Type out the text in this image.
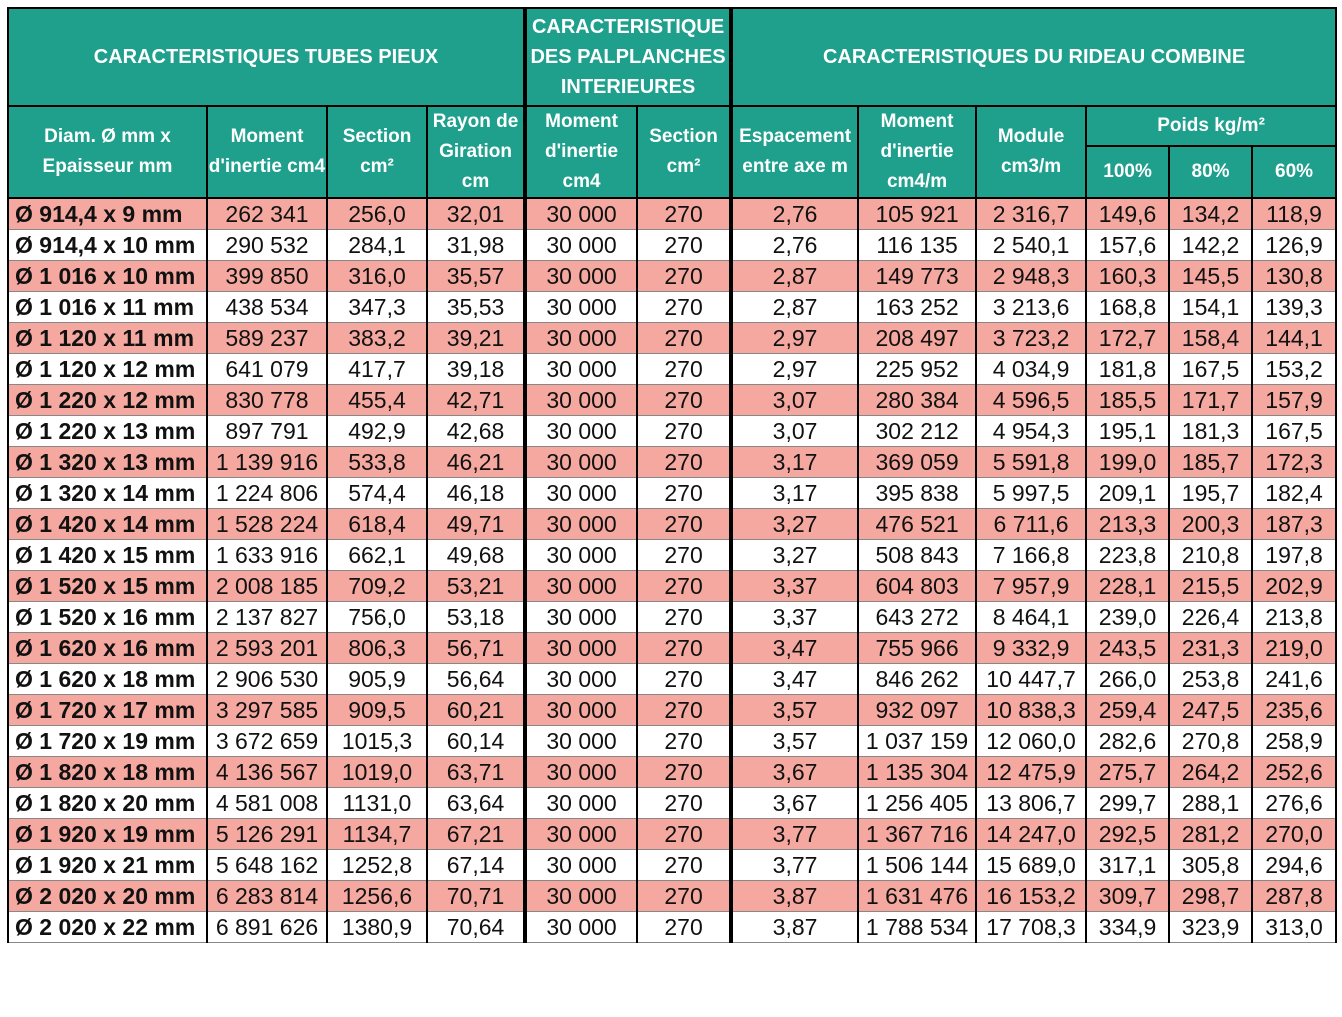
CARACTERISTIQUES TUBES PIEUX				CARACTERISTIQUE DES PALPLANCHES INTERIEURES		CARACTERISTIQUES DU RIDEAU COMBINE					
Diam. Ø mm x Epaisseur mm	Moment d'inertie cm4	Section cm²	Rayon de Giration cm	Moment d'inertie cm4	Section cm²	Espacement entre axe m	Moment d'inertie cm4/m	Module cm3/m	Poids kg/m²		
									100%	80%	60%
Ø 914,4 x 9 mm	262 341	256,0	32,01	30 000	270	2,76	105 921	2 316,7	149,6	134,2	118,9
Ø 914,4 x 10 mm	290 532	284,1	31,98	30 000	270	2,76	116 135	2 540,1	157,6	142,2	126,9
Ø 1 016 x 10 mm	399 850	316,0	35,57	30 000	270	2,87	149 773	2 948,3	160,3	145,5	130,8
Ø 1 016 x 11 mm	438 534	347,3	35,53	30 000	270	2,87	163 252	3 213,6	168,8	154,1	139,3
Ø 1 120 x 11 mm	589 237	383,2	39,21	30 000	270	2,97	208 497	3 723,2	172,7	158,4	144,1
Ø 1 120 x 12 mm	641 079	417,7	39,18	30 000	270	2,97	225 952	4 034,9	181,8	167,5	153,2
Ø 1 220 x 12 mm	830 778	455,4	42,71	30 000	270	3,07	280 384	4 596,5	185,5	171,7	157,9
Ø 1 220 x 13 mm	897 791	492,9	42,68	30 000	270	3,07	302 212	4 954,3	195,1	181,3	167,5
Ø 1 320 x 13 mm	1 139 916	533,8	46,21	30 000	270	3,17	369 059	5 591,8	199,0	185,7	172,3
Ø 1 320 x 14 mm	1 224 806	574,4	46,18	30 000	270	3,17	395 838	5 997,5	209,1	195,7	182,4
Ø 1 420 x 14 mm	1 528 224	618,4	49,71	30 000	270	3,27	476 521	6 711,6	213,3	200,3	187,3
Ø 1 420 x 15 mm	1 633 916	662,1	49,68	30 000	270	3,27	508 843	7 166,8	223,8	210,8	197,8
Ø 1 520 x 15 mm	2 008 185	709,2	53,21	30 000	270	3,37	604 803	7 957,9	228,1	215,5	202,9
Ø 1 520 x 16 mm	2 137 827	756,0	53,18	30 000	270	3,37	643 272	8 464,1	239,0	226,4	213,8
Ø 1 620 x 16 mm	2 593 201	806,3	56,71	30 000	270	3,47	755 966	9 332,9	243,5	231,3	219,0
Ø 1 620 x 18 mm	2 906 530	905,9	56,64	30 000	270	3,47	846 262	10 447,7	266,0	253,8	241,6
Ø 1 720 x 17 mm	3 297 585	909,5	60,21	30 000	270	3,57	932 097	10 838,3	259,4	247,5	235,6
Ø 1 720 x 19 mm	3 672 659	1015,3	60,14	30 000	270	3,57	1 037 159	12 060,0	282,6	270,8	258,9
Ø 1 820 x 18 mm	4 136 567	1019,0	63,71	30 000	270	3,67	1 135 304	12 475,9	275,7	264,2	252,6
Ø 1 820 x 20 mm	4 581 008	1131,0	63,64	30 000	270	3,67	1 256 405	13 806,7	299,7	288,1	276,6
Ø 1 920 x 19 mm	5 126 291	1134,7	67,21	30 000	270	3,77	1 367 716	14 247,0	292,5	281,2	270,0
Ø 1 920 x 21 mm	5 648 162	1252,8	67,14	30 000	270	3,77	1 506 144	15 689,0	317,1	305,8	294,6
Ø 2 020 x 20 mm	6 283 814	1256,6	70,71	30 000	270	3,87	1 631 476	16 153,2	309,7	298,7	287,8
Ø 2 020 x 22 mm	6 891 626	1380,9	70,64	30 000	270	3,87	1 788 534	17 708,3	334,9	323,9	313,0
